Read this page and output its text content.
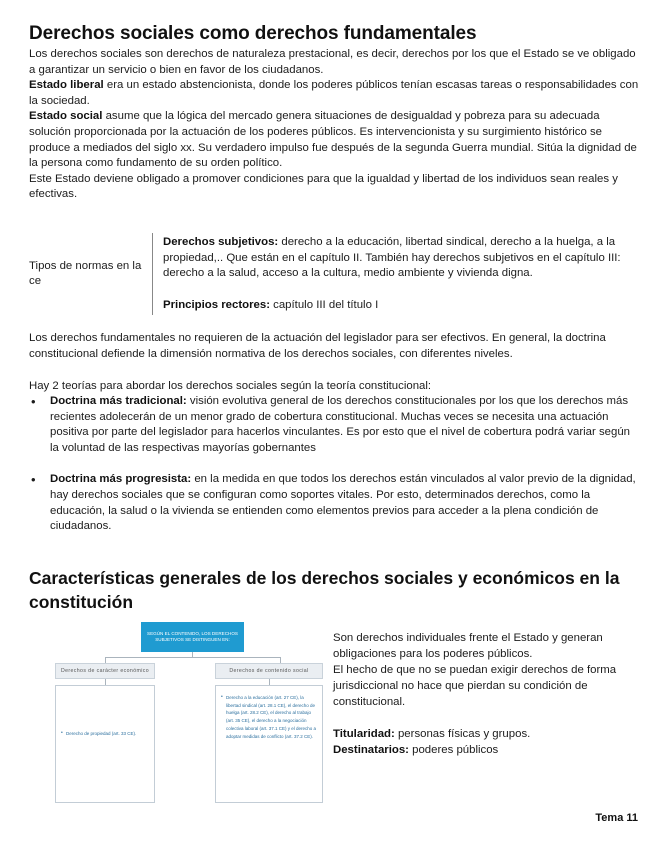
Derechos sociales como derechos fundamentales

Los derechos sociales son derechos de naturaleza prestacional, es decir, derechos por los que el Estado se ve obligado a garantizar un servicio o bien en favor de los ciudadanos.

Estado liberal era un estado abstencionista, donde los poderes públicos tenían escasas tareas o responsabilidades con la sociedad.

Estado social asume que la lógica del mercado genera situaciones de desigualdad y pobreza para su adecuada solución proporcionada por la actuación de los poderes públicos. Es intervencionista y su surgimiento histórico se produce a mediados del siglo xx. Su verdadero impulso fue después de la segunda Guerra mundial. Sitúa la dignidad de la persona como fundamento de su orden político.

Este Estado deviene obligado a promover condiciones para que la igualdad y libertad de los individuos sean reales y efectivas.

Tipos de normas en la ce

Derechos subjetivos: derecho a la educación, libertad sindical, derecho a la huelga, a la propiedad,.. Que están en el capítulo II. También hay derechos subjetivos en el capítulo III: derecho a la salud, acceso a la cultura, medio ambiente y vivienda digna.

Principios rectores: capítulo III del título I

Los derechos fundamentales no requieren de la actuación del legislador para ser efectivos. En general, la doctrina constitucional defiende la dimensión normativa de los derechos sociales, con diferentes niveles.

Hay 2 teorías para abordar los derechos sociales según la teoría constitucional:

• Doctrina más tradicional: visión evolutiva general de los derechos constitucionales por los que los derechos más recientes adolecerán de un menor grado de cobertura constitucional. Muchas veces se necesita una actuación positiva por parte del legislador para hacerlos vinculantes. Es por esto que el nivel de cobertura podrá variar según la voluntad de las respectivas mayorías gobernantes
• Doctrina más progresista: en la medida en que todos los derechos están vinculados al valor previo de la dignidad, hay derechos sociales que se configuran como soportes vitales. Por esto, determinados derechos, como la educación, la salud o la vivienda se entienden como elementos previos para acceder a la plena condición de ciudadanos.
Características generales de los derechos sociales y económicos en la constitución
SEGÚN EL CONTENIDO, LOS DERECHOS SUBJETIVOS SE DISTINGUEN EN:
Derechos de carácter económico	Derechos de contenido social
• Derecho de propiedad (art. 33 CE).
• Derecho a la educación (art. 27 CE), la libertad sindical (art. 28.1 CE), el derecho de huelga (art. 28.2 CE), el derecho al trabajo (art. 35 CE), el derecho a la negociación colectiva laboral (art. 37.1 CE) y el derecho a adoptar medidas de conflicto (art. 37.2 CE).

Son derechos individuales frente el Estado y generan obligaciones para los poderes públicos.

El hecho de que no se puedan exigir derechos de forma jurisdiccional no hace que pierdan su condición de constitucional.

Titularidad: personas físicas y grupos.

Destinatarios: poderes públicos

Tema 11
